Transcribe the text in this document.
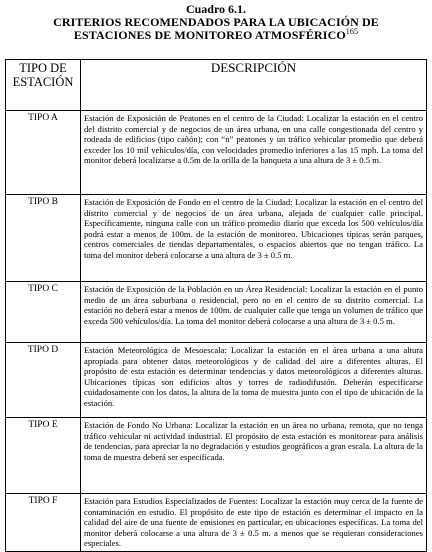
Cuadro 6.1.
CRITERIOS RECOMENDADOS PARA LA UBICACIÓN DE
ESTACIONES DE MONITOREO ATMOSFÉRICO$^{165}$
TIPO DE
ESTACIÓN	DESCRIPCIÓN
TIPO A	Estación de Exposición de Peatones en el centro de la Ciudad: Localizar la estación en el centro del distrito comercial y de negocios de un área urbana, en una calle congestionada del centro y rodeada de edificios (tipo cañón); con “n” peatones y un tráfico vehicular promedio que deberá exceder los 10 mil vehículos/día, con velocidades promedio inferiores a las 15 mph. La toma del monitor deberá localizarse a 0.5m de la orilla de la banqueta a una altura de 3 ± 0.5 m.
TIPO B	Estación de Exposición de Fondo en el centro de la Ciudad: Localizar la estación en el centro del distrito comercial y de negocios de un área urbana, alejada de cualquier calle principal. Específicamente, ninguna calle con un tráfico promedio diario que exceda los 500 vehículos/día podrá estar a menos de 100m. de la estación de monitoreo. Ubicaciones típicas serán parques, centros comerciales de tiendas departamentales, o espacios abiertos que no tengan tráfico. La toma del monitor deberá colocarse a una altura de 3 ± 0.5 m.
TIPO C	Estación de Exposición de la Población en un Área Residencial: Localizar la estación en el punto medio de un área suburbana o residencial, pero no en el centro de su distrito comercial. La estación no deberá estar a menos de 100m. de cualquier calle que tenga un volumen de tráfico que exceda 500 vehículos/día. La toma del monitor deberá colocarse a una altura de 3 ± 0.5 m.
TIPO D	Estación Meteorológica de Mesoescala: Localizar la estación en el área urbana a una altura apropiada para obtener datos meteorológicos y de calidad del aire a diferentes alturas. El propósito de esta estación es determinar tendencias y datos meteorológicos a diferentes alturas. Ubicaciones típicas son edificios altos y torres de radiodifusión. Deberán especificarse cuidadosamente con los datos, la altura de la toma de muestra junto con el tipo de ubicación de la estación.
TIPO E	Estación de Fondo No Urbana: Localizar la estación en un área no urbana, remota, que no tenga tráfico vehicular ni actividad industrial. El propósito de esta estación es monitorear para análisis de tendencias, para apreciar la no degradación y estudios geográficos a gran escala. La altura de la toma de muestra deberá ser especificada.
TIPO F	Estación para Estudios Especializados de Fuentes: Localizar la estación muy cerca de la fuente de contaminación en estudio. El propósito de este tipo de estación es determinar el impacto en la calidad del aire de una fuente de emisiones en particular, en ubicaciones específicas. La toma del monitor deberá colocarse a una altura de 3 ± 0.5 m. a menos que se requieran consideraciones especiales.
